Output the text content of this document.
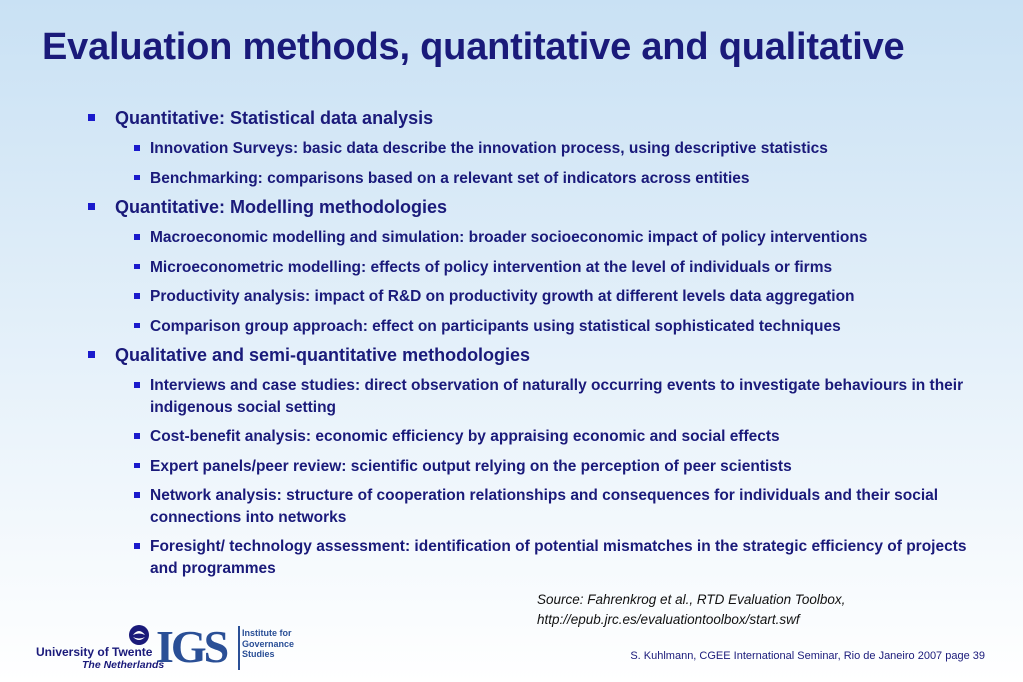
Evaluation methods, quantitative and qualitative
Quantitative: Statistical data analysis
Innovation Surveys: basic data describe the innovation process, using descriptive statistics
Benchmarking: comparisons based on a relevant set of indicators across entities
Quantitative: Modelling methodologies
Macroeconomic modelling and simulation: broader socioeconomic impact of policy interventions
Microeconometric modelling: effects of policy intervention at the level of individuals or firms
Productivity analysis: impact of R&D on productivity growth at different levels data aggregation
Comparison group approach: effect on participants using statistical sophisticated techniques
Qualitative and semi-quantitative methodologies
Interviews and case studies: direct observation of naturally occurring events to investigate behaviours in their indigenous social setting
Cost-benefit analysis: economic efficiency by appraising economic and social effects
Expert panels/peer review: scientific output relying on the perception of peer scientists
Network analysis: structure of cooperation relationships and consequences for individuals and their social connections into networks
Foresight/ technology assessment: identification of potential mismatches in the strategic efficiency of projects and programmes
Source: Fahrenkrog et al., RTD Evaluation Toolbox,
http://epub.jrc.es/evaluationtoolbox/start.swf
University of Twente
The Netherlands
IGS Institute for
Governance
Studies	S. Kuhlmann, CGEE International Seminar, Rio de Janeiro 2007 page 39
